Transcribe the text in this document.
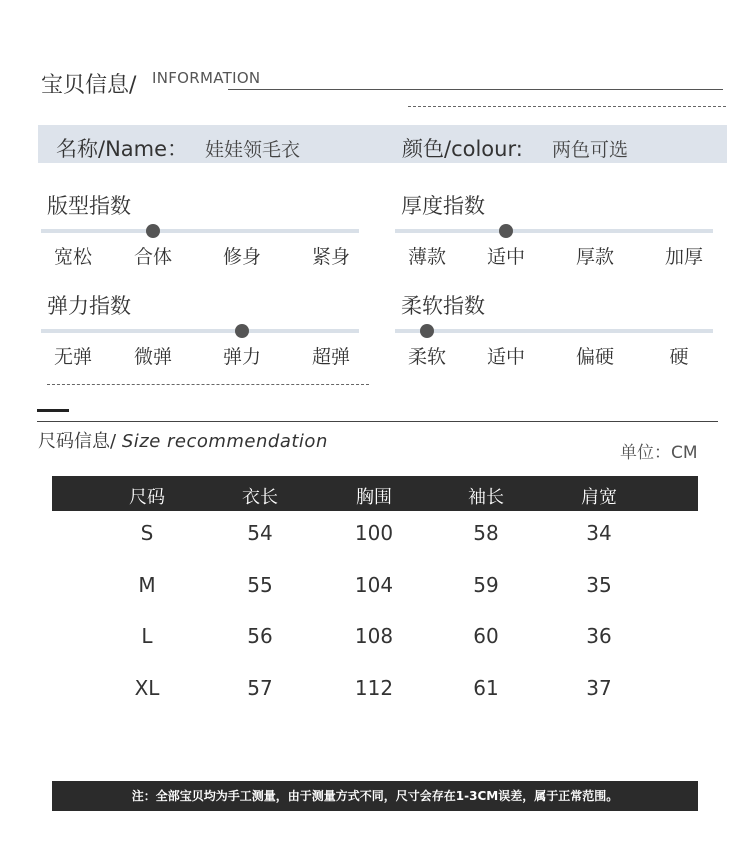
宝贝信息/ INFORMATION
名称/Name： 娃娃领毛衣	颜色/colour: 两色可选
版型指数
宽松 合体	修身	紧身
厚度指数
薄款 适中	厚款	加厚
弹力指数
无弹 微弹	弹力	超弹
柔软指数
柔软 适中	偏硬	硬
尺码信息/ Size recommendation
单位：CM
尺码	衣长	胸围	袖长	肩宽
S	54	100	58	34
M	55	104	59	35
L	56	108	60	36
XL	57	112	61	37
注：全部宝贝均为手工测量，由于测量方式不同，尺寸会存在1-3CM误差，属于正常范围。
